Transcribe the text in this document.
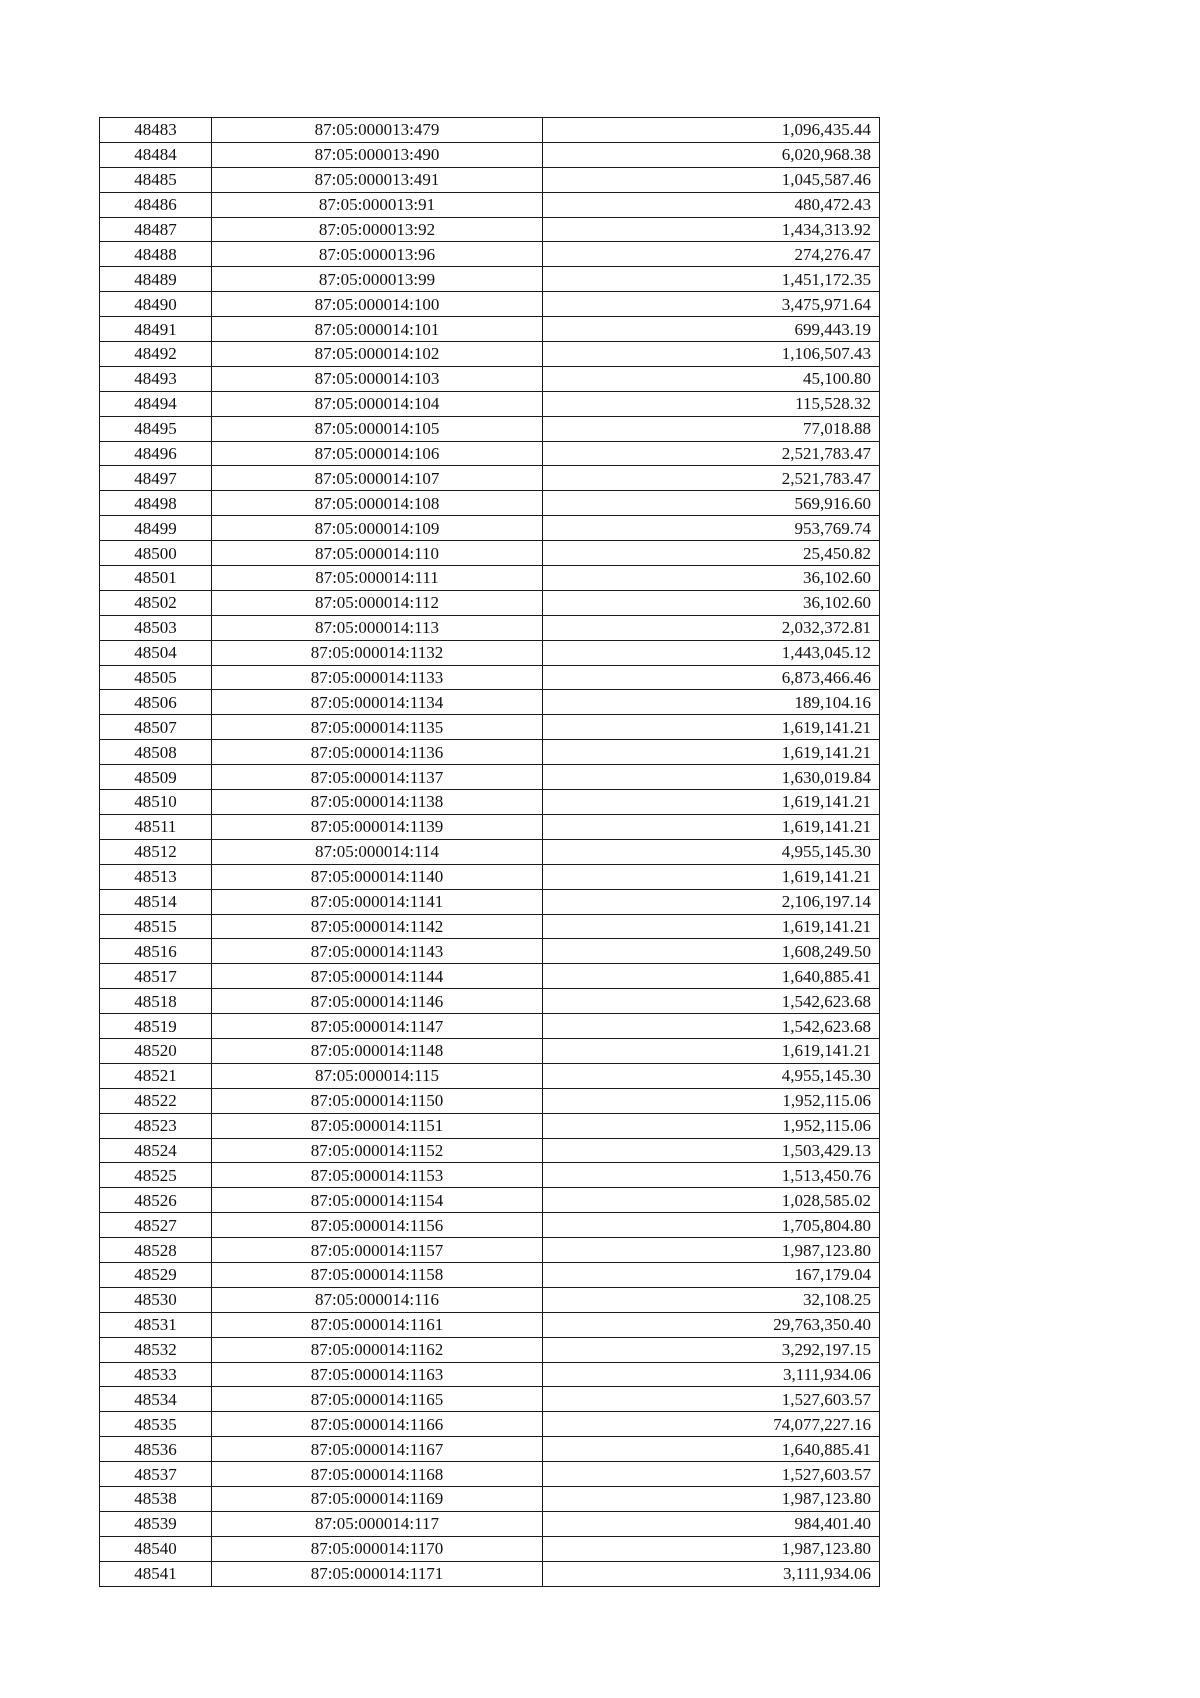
48483	87:05:000013:479	1,096,435.44
48484	87:05:000013:490	6,020,968.38
48485	87:05:000013:491	1,045,587.46
48486	87:05:000013:91	480,472.43
48487	87:05:000013:92	1,434,313.92
48488	87:05:000013:96	274,276.47
48489	87:05:000013:99	1,451,172.35
48490	87:05:000014:100	3,475,971.64
48491	87:05:000014:101	699,443.19
48492	87:05:000014:102	1,106,507.43
48493	87:05:000014:103	45,100.80
48494	87:05:000014:104	115,528.32
48495	87:05:000014:105	77,018.88
48496	87:05:000014:106	2,521,783.47
48497	87:05:000014:107	2,521,783.47
48498	87:05:000014:108	569,916.60
48499	87:05:000014:109	953,769.74
48500	87:05:000014:110	25,450.82
48501	87:05:000014:111	36,102.60
48502	87:05:000014:112	36,102.60
48503	87:05:000014:113	2,032,372.81
48504	87:05:000014:1132	1,443,045.12
48505	87:05:000014:1133	6,873,466.46
48506	87:05:000014:1134	189,104.16
48507	87:05:000014:1135	1,619,141.21
48508	87:05:000014:1136	1,619,141.21
48509	87:05:000014:1137	1,630,019.84
48510	87:05:000014:1138	1,619,141.21
48511	87:05:000014:1139	1,619,141.21
48512	87:05:000014:114	4,955,145.30
48513	87:05:000014:1140	1,619,141.21
48514	87:05:000014:1141	2,106,197.14
48515	87:05:000014:1142	1,619,141.21
48516	87:05:000014:1143	1,608,249.50
48517	87:05:000014:1144	1,640,885.41
48518	87:05:000014:1146	1,542,623.68
48519	87:05:000014:1147	1,542,623.68
48520	87:05:000014:1148	1,619,141.21
48521	87:05:000014:115	4,955,145.30
48522	87:05:000014:1150	1,952,115.06
48523	87:05:000014:1151	1,952,115.06
48524	87:05:000014:1152	1,503,429.13
48525	87:05:000014:1153	1,513,450.76
48526	87:05:000014:1154	1,028,585.02
48527	87:05:000014:1156	1,705,804.80
48528	87:05:000014:1157	1,987,123.80
48529	87:05:000014:1158	167,179.04
48530	87:05:000014:116	32,108.25
48531	87:05:000014:1161	29,763,350.40
48532	87:05:000014:1162	3,292,197.15
48533	87:05:000014:1163	3,111,934.06
48534	87:05:000014:1165	1,527,603.57
48535	87:05:000014:1166	74,077,227.16
48536	87:05:000014:1167	1,640,885.41
48537	87:05:000014:1168	1,527,603.57
48538	87:05:000014:1169	1,987,123.80
48539	87:05:000014:117	984,401.40
48540	87:05:000014:1170	1,987,123.80
48541	87:05:000014:1171	3,111,934.06
